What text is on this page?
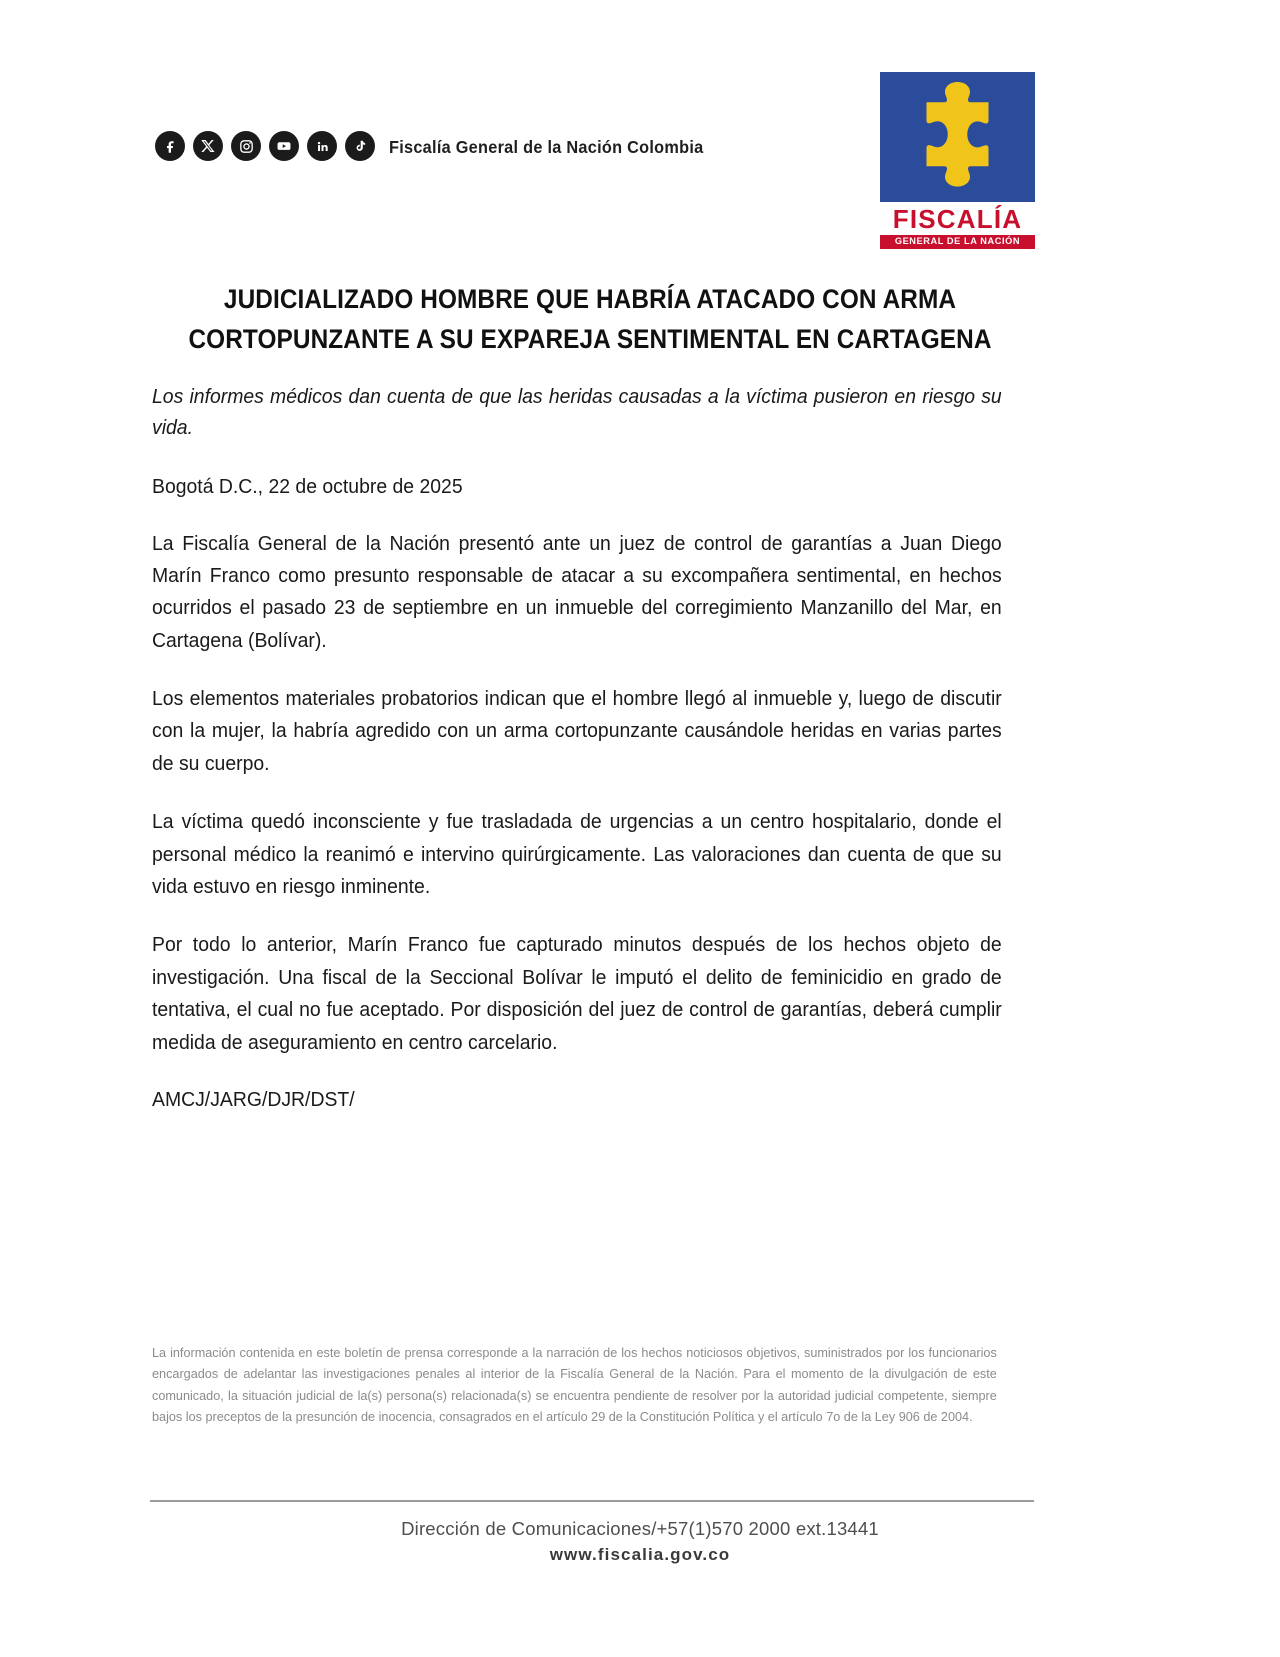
Fiscalía General de la Nación Colombia
FISCALÍA
GENERAL DE LA NACIÓN
JUDICIALIZADO HOMBRE QUE HABRÍA ATACADO CON ARMA
CORTOPUNZANTE A SU EXPAREJA SENTIMENTAL EN CARTAGENA
Los informes médicos dan cuenta de que las heridas causadas a la víctima pusieron en riesgo su vida.
Bogotá D.C., 22 de octubre de 2025

La Fiscalía General de la Nación presentó ante un juez de control de garantías a Juan Diego Marín Franco como presunto responsable de atacar a su excompañera sentimental, en hechos ocurridos el pasado 23 de septiembre en un inmueble del corregimiento Manzanillo del Mar, en Cartagena (Bolívar).

Los elementos materiales probatorios indican que el hombre llegó al inmueble y, luego de discutir con la mujer, la habría agredido con un arma cortopunzante causándole heridas en varias partes de su cuerpo.

La víctima quedó inconsciente y fue trasladada de urgencias a un centro hospitalario, donde el personal médico la reanimó e intervino quirúrgicamente. Las valoraciones dan cuenta de que su vida estuvo en riesgo inminente.

Por todo lo anterior, Marín Franco fue capturado minutos después de los hechos objeto de investigación. Una fiscal de la Seccional Bolívar le imputó el delito de feminicidio en grado de tentativa, el cual no fue aceptado. Por disposición del juez de control de garantías, deberá cumplir medida de aseguramiento en centro carcelario.

AMCJ/JARG/DJR/DST/

La información contenida en este boletín de prensa corresponde a la narración de los hechos noticiosos objetivos, suministrados por los funcionarios encargados de adelantar las investigaciones penales al interior de la Fiscalía General de la Nación. Para el momento de la divulgación de este comunicado, la situación judicial de la(s) persona(s) relacionada(s) se encuentra pendiente de resolver por la autoridad judicial competente, siempre bajos los preceptos de la presunción de inocencia, consagrados en el artículo 29 de la Constitución Política y el artículo 7o de la Ley 906 de 2004.
Dirección de Comunicaciones/+57(1)570 2000 ext.13441
www.fiscalia.gov.co
